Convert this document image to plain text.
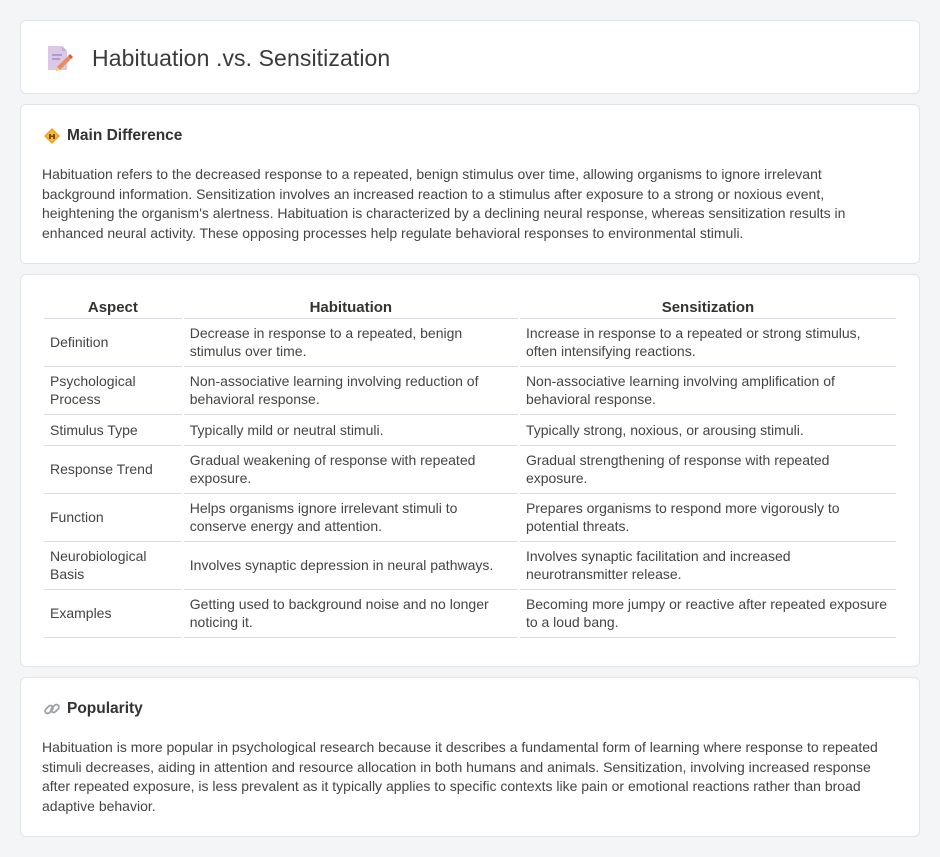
Habituation .vs. Sensitization
Main Difference

Habituation refers to the decreased response to a repeated, benign stimulus over time, allowing organisms to ignore irrelevant background information. Sensitization involves an increased reaction to a stimulus after exposure to a strong or noxious event, heightening the organism's alertness. Habituation is characterized by a declining neural response, whereas sensitization results in enhanced neural activity. These opposing processes help regulate behavioral responses to environmental stimuli.

Aspect	Habituation	Sensitization
Definition	Decrease in response to a repeated, benign stimulus over time.	Increase in response to a repeated or strong stimulus, often intensifying reactions.
Psychological Process	Non-associative learning involving reduction of behavioral response.	Non-associative learning involving amplification of behavioral response.
Stimulus Type	Typically mild or neutral stimuli.	Typically strong, noxious, or arousing stimuli.
Response Trend	Gradual weakening of response with repeated exposure.	Gradual strengthening of response with repeated exposure.
Function	Helps organisms ignore irrelevant stimuli to conserve energy and attention.	Prepares organisms to respond more vigorously to potential threats.
Neurobiological Basis	Involves synaptic depression in neural pathways.	Involves synaptic facilitation and increased neurotransmitter release.
Examples	Getting used to background noise and no longer noticing it.	Becoming more jumpy or reactive after repeated exposure to a loud bang.
Popularity

Habituation is more popular in psychological research because it describes a fundamental form of learning where response to repeated stimuli decreases, aiding in attention and resource allocation in both humans and animals. Sensitization, involving increased response after repeated exposure, is less prevalent as it typically applies to specific contexts like pain or emotional reactions rather than broad adaptive behavior.
